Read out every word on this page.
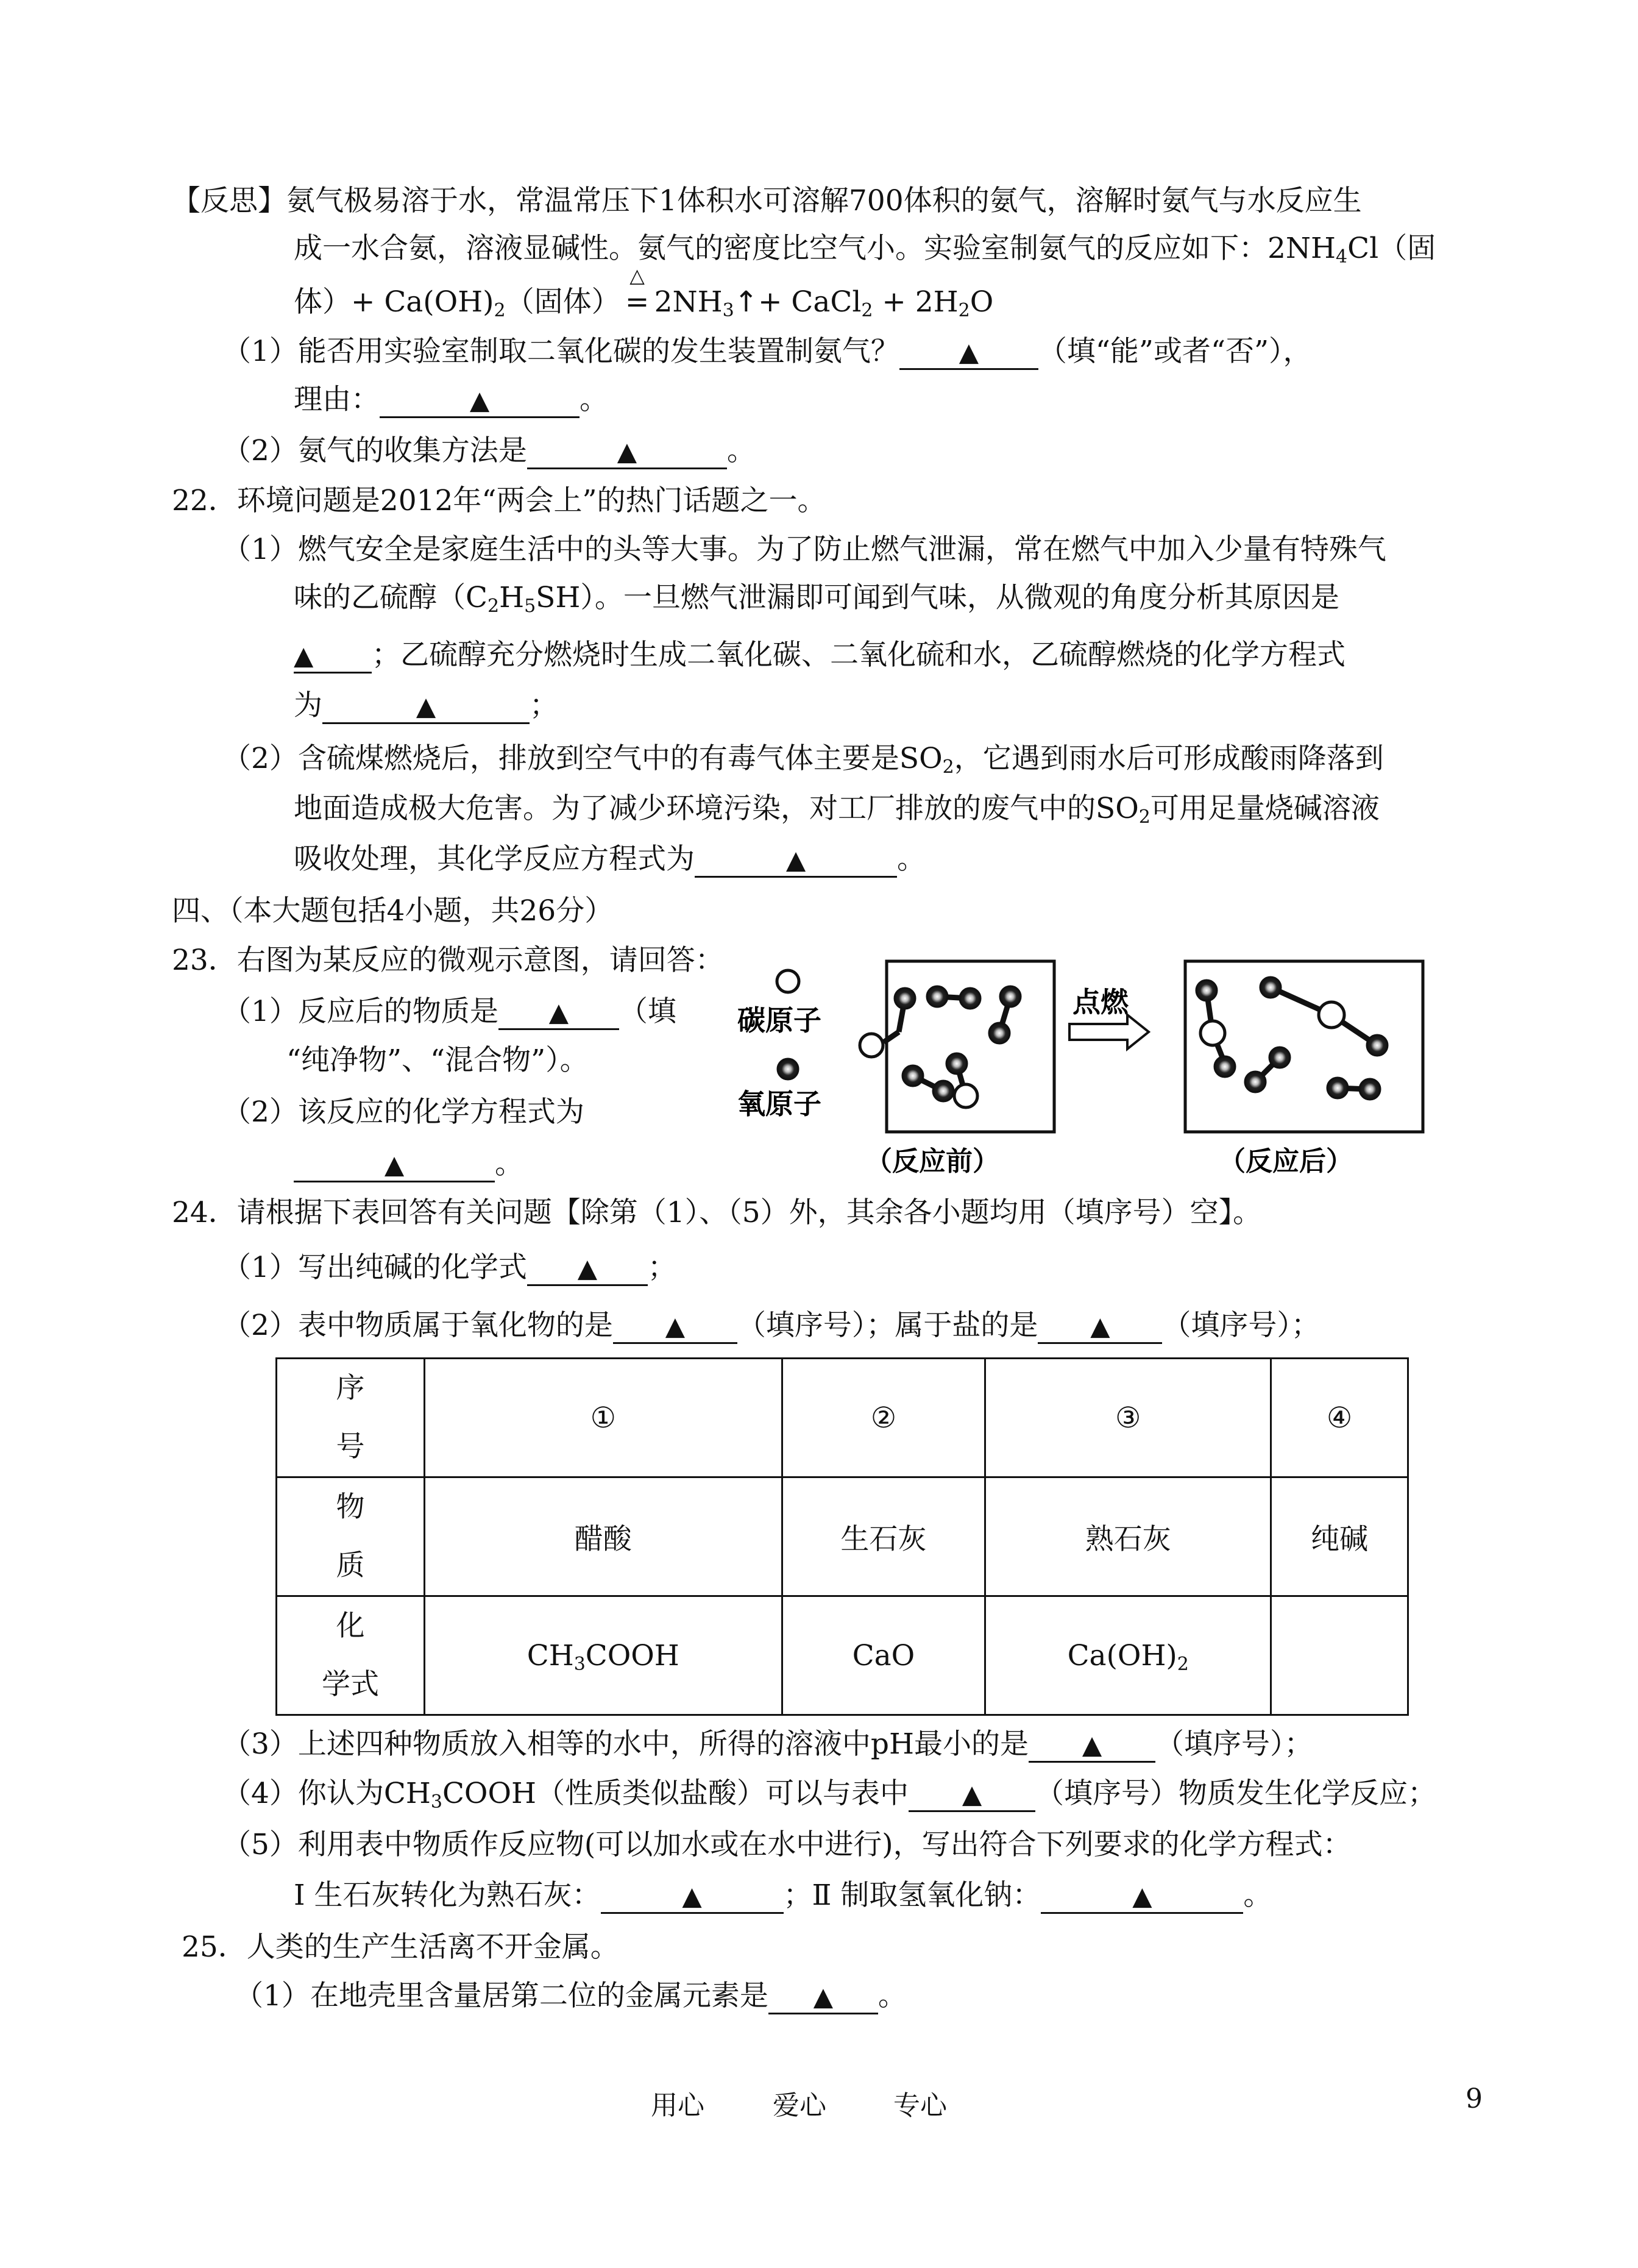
【反思】氨气极易溶于水，常温常压下1体积水可溶解700体积的氨气，溶解时氨气与水反应生
成一水合氨，溶液显碱性。氨气的密度比空气小。实验室制氨气的反应如下：$2NH_4Cl$（固
体）+ $Ca(OH)_2$（固体）
△
= $2NH_3↑+$ CaCl$_2$ + $2H_2O$
（1）能否用实验室制取二氧化碳的发生装置制氨气？ ▲ （填“能”或者“否”），
理由：	▲	。
（2）氨气的收集方法是	▲	。
22．环境问题是2012年“两会上”的热门话题之一。
（1）燃气安全是家庭生活中的头等大事。为了防止燃气泄漏，常在燃气中加入少量有特殊气
味的乙硫醇$(C_2H_5SH)$。一旦燃气泄漏即可闻到气味，从微观的角度分析其原因是
▲ ；乙硫醇充分燃烧时生成二氧化碳、二氧化硫和水，乙硫醇燃烧的化学方程式
为	▲	；
（2）含硫煤燃烧后，排放到空气中的有毒气体主要是$SO_2$，它遇到雨水后可形成酸雨降落到
地面造成极大危害。为了减少环境污染，对工厂排放的废气中的$SO_2$可用足量烧碱溶液
吸收处理，其化学反应方程式为	▲	。
四、（本大题包括4小题，共26分）
23．右图为某反应的微观示意图，请回答：
（1）反应后的物质是 ▲ （填
“纯净物”、“混合物”）。
（2）该反应的化学方程式为
▲	。
碳原子
氧原子
点燃
（反应前）	（反应后）
24．请根据下表回答有关问题【除第（1）、（5）外，其余各小题均用（填序号）空】。
（1）写出纯碱的化学式 ▲ ；
（2）表中物质属于氧化物的是 ▲ （填序号）；属于盐的是 ▲ （填序号）；
序
号	①	②	③	④

物
质	醋酸	生石灰	熟石灰	纯碱

化
学式	$CH_3COOH$	CaO	$Ca(OH)_2$	
（3）上述四种物质放入相等的水中，所得的溶液中pH最小的是 ▲ （填序号）；
（4）你认为$CH_3COOH$（性质类似盐酸）可以与表中 ▲ （填序号）物质发生化学反应；
（5）利用表中物质作反应物(可以加水或在水中进行)，写出符合下列要求的化学方程式：
Ⅰ 生石灰转化为熟石灰：	▲	；Ⅱ 制取氢氧化钠：	▲	。
25．人类的生产生活离不开金属。
（1）在地壳里含量居第二位的金属元素是 ▲ 。
用心	爱心	专心	9
